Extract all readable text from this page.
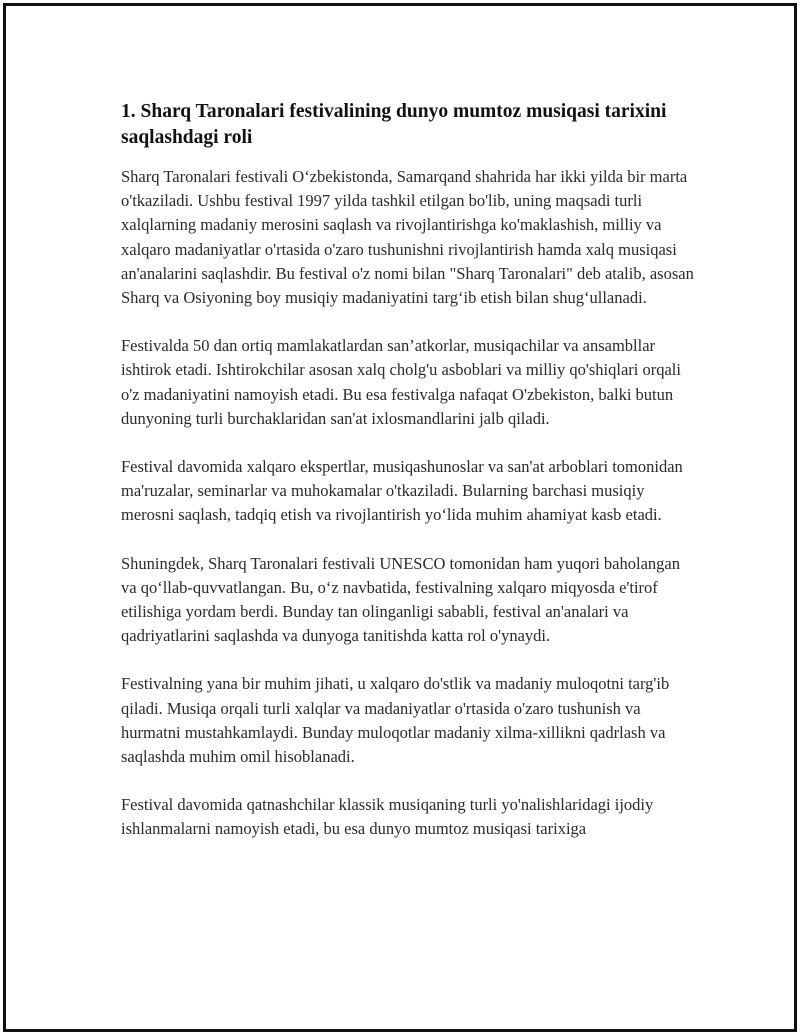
1. Sharq Taronalari festivalining dunyo mumtoz musiqasi tarixini saqlashdagi roli

Sharq Taronalari festivali O‘zbekistonda, Samarqand shahrida har ikki yilda bir marta o'tkaziladi. Ushbu festival 1997 yilda tashkil etilgan bo'lib, uning maqsadi turli xalqlarning madaniy merosini saqlash va rivojlantirishga ko'maklashish, milliy va xalqaro madaniyatlar o'rtasida o'zaro tushunishni rivojlantirish hamda xalq musiqasi an'analarini saqlashdir. Bu festival o'z nomi bilan "Sharq Taronalari" deb atalib, asosan Sharq va Osiyoning boy musiqiy madaniyatini targ‘ib etish bilan shug‘ullanadi.

Festivalda 50 dan ortiq mamlakatlardan san’atkorlar, musiqachilar va ansambllar ishtirok etadi. Ishtirokchilar asosan xalq cholg'u asboblari va milliy qo'shiqlari orqali o'z madaniyatini namoyish etadi. Bu esa festivalga nafaqat O'zbekiston, balki butun dunyoning turli burchaklaridan san'at ixlosmandlarini jalb qiladi.

Festival davomida xalqaro ekspertlar, musiqashunoslar va san'at arboblari tomonidan ma'ruzalar, seminarlar va muhokamalar o'tkaziladi. Bularning barchasi musiqiy merosni saqlash, tadqiq etish va rivojlantirish yo‘lida muhim ahamiyat kasb etadi.

Shuningdek, Sharq Taronalari festivali UNESCO tomonidan ham yuqori baholangan va qo‘llab-quvvatlangan. Bu, o‘z navbatida, festivalning xalqaro miqyosda e'tirof etilishiga yordam berdi. Bunday tan olinganligi sababli, festival an'analari va qadriyatlarini saqlashda va dunyoga tanitishda katta rol o'ynaydi.

Festivalning yana bir muhim jihati, u xalqaro do'stlik va madaniy muloqotni targ'ib qiladi. Musiqa orqali turli xalqlar va madaniyatlar o'rtasida o'zaro tushunish va hurmatni mustahkamlaydi. Bunday muloqotlar madaniy xilma-xillikni qadrlash va saqlashda muhim omil hisoblanadi.

Festival davomida qatnashchilar klassik musiqaning turli yo'nalishlaridagi ijodiy ishlanmalarni namoyish etadi, bu esa dunyo mumtoz musiqasi tarixiga
